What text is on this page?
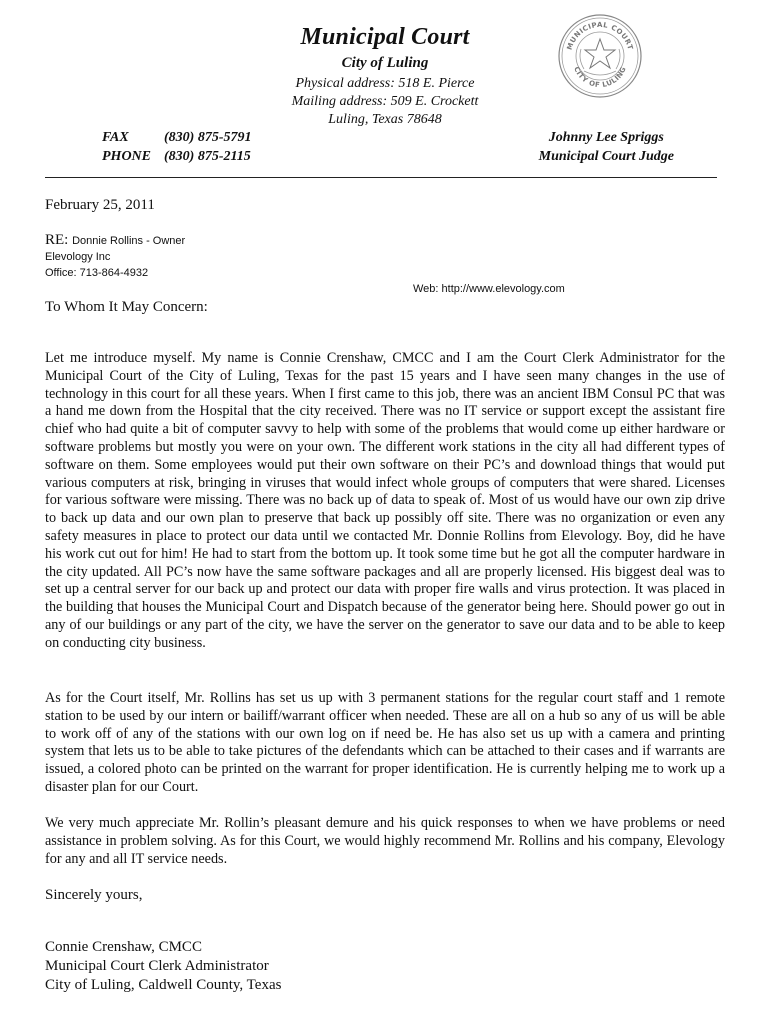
Municipal Court
City of Luling
Physical address: 518 E. Pierce
Mailing address: 509 E. Crockett
Luling, Texas 78648
FAX	(830) 875-5791
PHONE (830) 875-2115
Johnny Lee Spriggs
Municipal Court Judge
MUNICIPAL COURT
CITY OF LULING
February 25, 2011
RE: Donnie Rollins - Owner
Elevology Inc
Office: 713-864-4932
Web: http://www.elevology.com
To Whom It May Concern:

Let me introduce myself. My name is Connie Crenshaw, CMCC and I am the Court Clerk Administrator for the Municipal Court of the City of Luling, Texas for the past 15 years and I have seen many changes in the use of technology in this court for all these years. When I first came to this job, there was an ancient IBM Consul PC that was a hand me down from the Hospital that the city received. There was no IT service or support except the assistant fire chief who had quite a bit of computer savvy to help with some of the problems that would come up either hardware or software problems but mostly you were on your own. The different work stations in the city all had different types of software on them. Some employees would put their own software on their PC’s and download things that would put various computers at risk, bringing in viruses that would infect whole groups of computers that were shared. Licenses for various software were missing. There was no back up of data to speak of. Most of us would have our own zip drive to back up data and our own plan to preserve that back up possibly off site. There was no organization or even any safety measures in place to protect our data until we contacted Mr. Donnie Rollins from Elevology. Boy, did he have his work cut out for him! He had to start from the bottom up. It took some time but he got all the computer hardware in the city updated. All PC’s now have the same software packages and all are properly licensed. His biggest deal was to set up a central server for our back up and protect our data with proper fire walls and virus protection. It was placed in the building that houses the Municipal Court and Dispatch because of the generator being here. Should power go out in any of our buildings or any part of the city, we have the server on the generator to save our data and to be able to keep on conducting city business.

As for the Court itself, Mr. Rollins has set us up with 3 permanent stations for the regular court staff and 1 remote station to be used by our intern or bailiff/warrant officer when needed. These are all on a hub so any of us will be able to work off of any of the stations with our own log on if need be. He has also set us up with a camera and printing system that lets us to be able to take pictures of the defendants which can be attached to their cases and if warrants are issued, a colored photo can be printed on the warrant for proper identification. He is currently helping me to work up a disaster plan for our Court.

We very much appreciate Mr. Rollin’s pleasant demure and his quick responses to when we have problems or need assistance in problem solving. As for this Court, we would highly recommend Mr. Rollins and his company, Elevology for any and all IT service needs.

Sincerely yours,
Connie Crenshaw, CMCC
Municipal Court Clerk Administrator
City of Luling, Caldwell County, Texas
